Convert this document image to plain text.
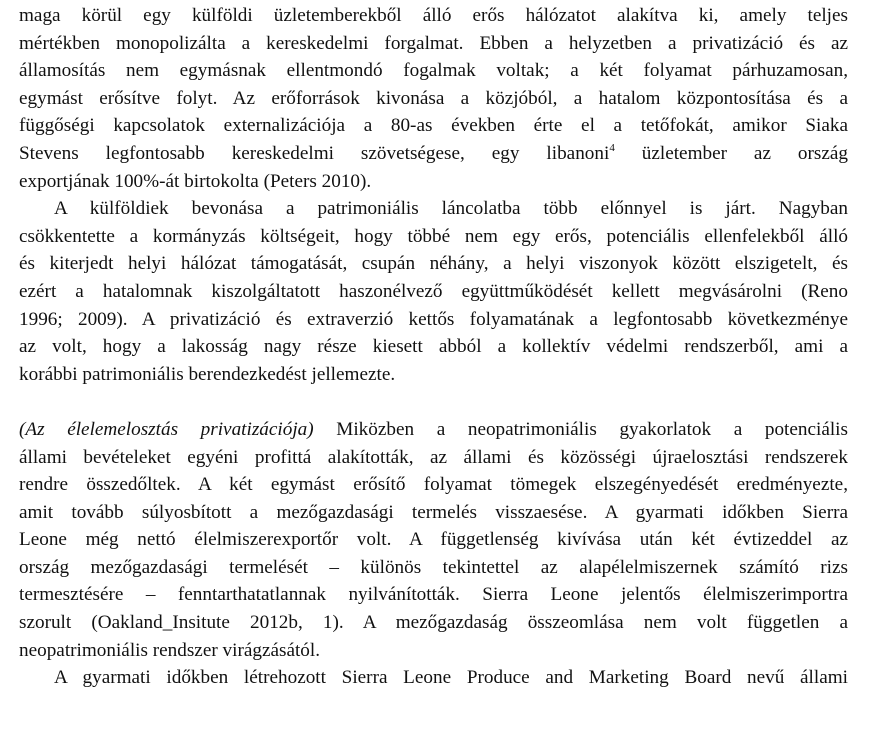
maga körül egy külföldi üzletemberekből álló erős hálózatot alakítva ki, amely teljes
mértékben monopolizálta a kereskedelmi forgalmat. Ebben a helyzetben a privatizáció és az
államosítás nem egymásnak ellentmondó fogalmak voltak; a két folyamat párhuzamosan,
egymást erősítve folyt. Az erőforrások kivonása a közjóból, a hatalom központosítása és a
függőségi kapcsolatok externalizációja a 80-as években érte el a tetőfokát, amikor Siaka
Stevens legfontosabb kereskedelmi szövetségese, egy libanoni$^4$ üzletember az ország
exportjának 100%-át birtokolta (Peters 2010).
A külföldiek bevonása a patrimoniális láncolatba több előnnyel is járt. Nagyban
csökkentette a kormányzás költségeit, hogy többé nem egy erős, potenciális ellenfelekből álló
és kiterjedt helyi hálózat támogatását, csupán néhány, a helyi viszonyok között elszigetelt, és
ezért a hatalomnak kiszolgáltatott haszonélvező együttműködését kellett megvásárolni (Reno
1996; 2009). A privatizáció és extraverzió kettős folyamatának a legfontosabb következménye
az volt, hogy a lakosság nagy része kiesett abból a kollektív védelmi rendszerből, ami a
korábbi patrimoniális berendezkedést jellemezte.
(Az élelemelosztás privatizációja) Miközben a neopatrimoniális gyakorlatok a potenciális
állami bevételeket egyéni profittá alakították, az állami és közösségi újraelosztási rendszerek
rendre összedőltek. A két egymást erősítő folyamat tömegek elszegényedését eredményezte,
amit tovább súlyosbított a mezőgazdasági termelés visszaesése. A gyarmati időkben Sierra
Leone még nettó élelmiszerexportőr volt. A függetlenség kivívása után két évtizeddel az
ország mezőgazdasági termelését – különös tekintettel az alapélelmiszernek számító rizs
termesztésére – fenntarthatatlannak nyilvánították. Sierra Leone jelentős élelmiszerimportra
szorult (Oakland_Insitute 2012b, 1). A mezőgazdaság összeomlása nem volt független a
neopatrimoniális rendszer virágzásától.
A gyarmati időkben létrehozott Sierra Leone Produce and Marketing Board nevű állami
